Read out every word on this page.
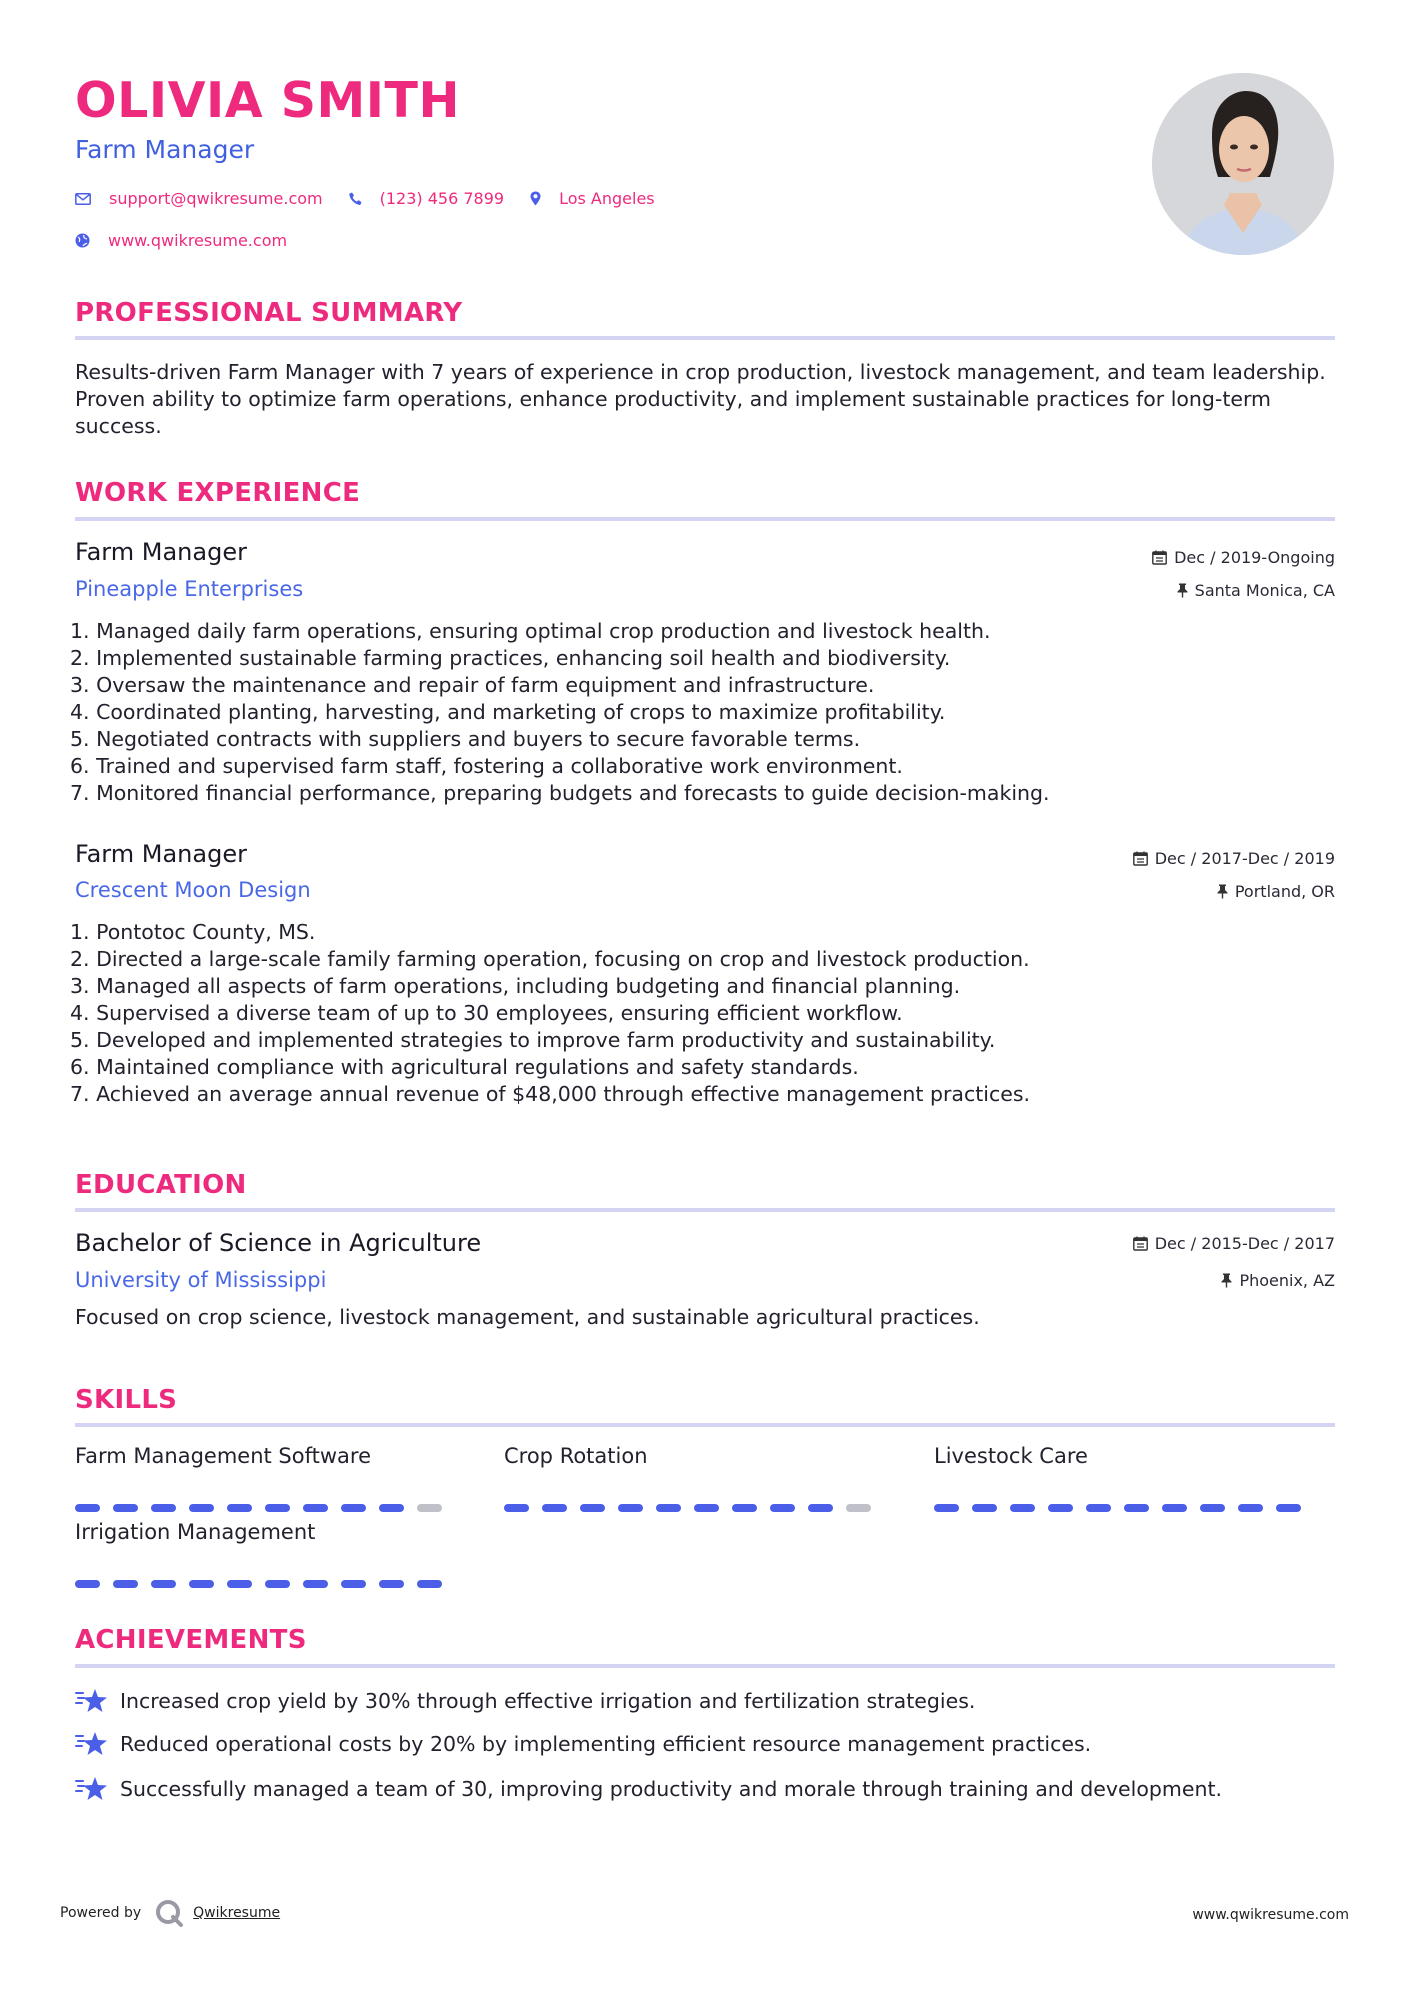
OLIVIA SMITH
Farm Manager
support@qwikresume.com	(123) 456 7899	Los Angeles
www.qwikresume.com
PROFESSIONAL SUMMARY
Results-driven Farm Manager with 7 years of experience in crop production, livestock management, and team leadership. Proven ability to optimize farm operations, enhance productivity, and implement sustainable practices for long-term success.
WORK EXPERIENCE
Farm Manager
Pineapple Enterprises
Dec / 2019-Ongoing
Santa Monica, CA
1. Managed daily farm operations, ensuring optimal crop production and livestock health.
2. Implemented sustainable farming practices, enhancing soil health and biodiversity.
3. Oversaw the maintenance and repair of farm equipment and infrastructure.
4. Coordinated planting, harvesting, and marketing of crops to maximize profitability.
5. Negotiated contracts with suppliers and buyers to secure favorable terms.
6. Trained and supervised farm staff, fostering a collaborative work environment.
7. Monitored financial performance, preparing budgets and forecasts to guide decision-making.
Farm Manager
Crescent Moon Design
Dec / 2017-Dec / 2019
Portland, OR
1. Pontotoc County, MS.
2. Directed a large-scale family farming operation, focusing on crop and livestock production.
3. Managed all aspects of farm operations, including budgeting and financial planning.
4. Supervised a diverse team of up to 30 employees, ensuring efficient workflow.
5. Developed and implemented strategies to improve farm productivity and sustainability.
6. Maintained compliance with agricultural regulations and safety standards.
7. Achieved an average annual revenue of $48,000 through effective management practices.
EDUCATION
Bachelor of Science in Agriculture
University of Mississippi
Dec / 2015-Dec / 2017
Phoenix, AZ
Focused on crop science, livestock management, and sustainable agricultural practices.
SKILLS
Farm Management Software	Crop Rotation	Livestock Care
Irrigation Management
ACHIEVEMENTS
Increased crop yield by 30% through effective irrigation and fertilization strategies.
Reduced operational costs by 20% by implementing efficient resource management practices.
Successfully managed a team of 30, improving productivity and morale through training and development.
Powered by	Qwikresume	www.qwikresume.com
